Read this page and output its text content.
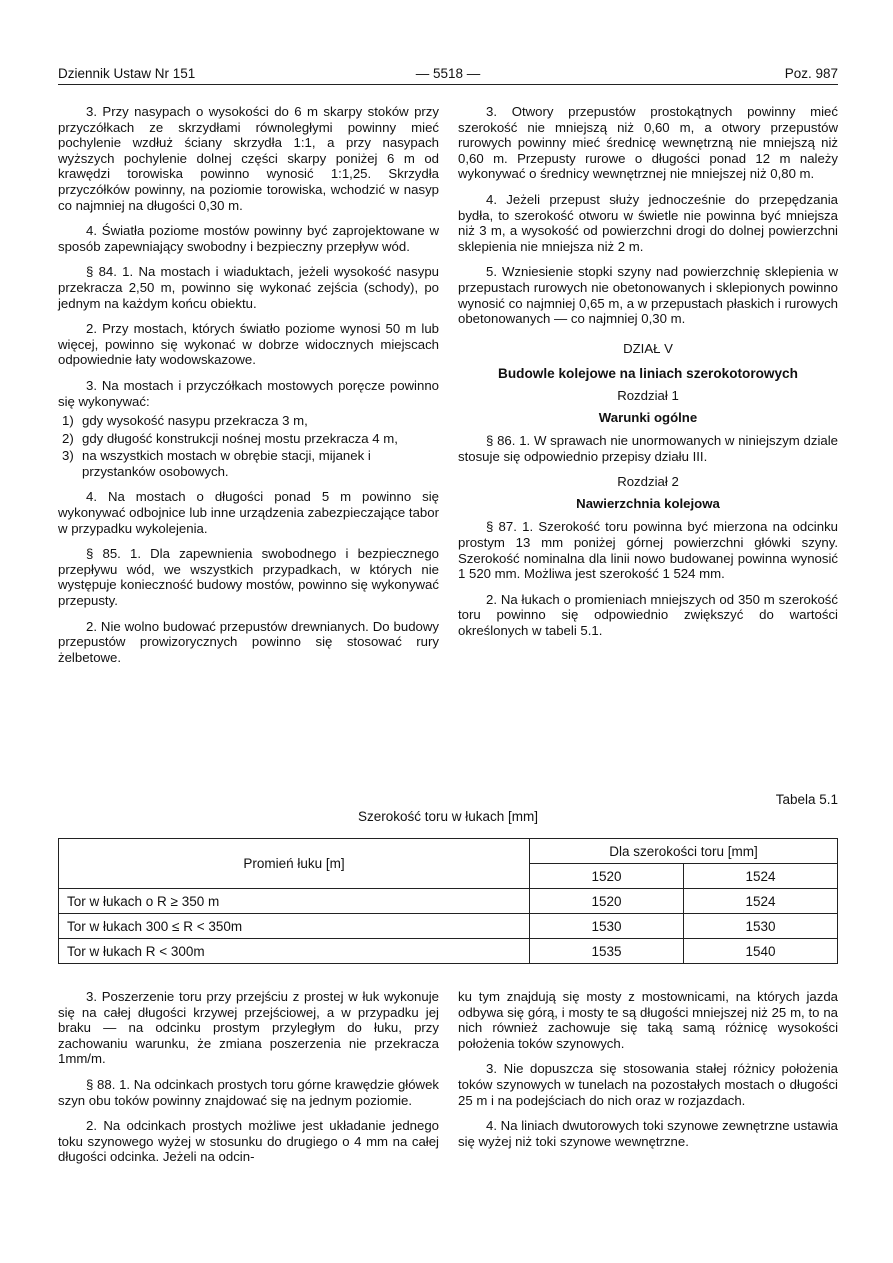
Dziennik Ustaw Nr 151	— 5518 —	Poz. 987

3. Przy nasypach o wysokości do 6 m skarpy stoków przy przyczółkach ze skrzydłami równoległymi powinny mieć pochylenie wzdłuż ściany skrzydła 1:1, a przy nasypach wyższych pochylenie dolnej części skarpy poniżej 6 m od krawędzi torowiska powinno wynosić 1:1,25. Skrzydła przyczółków powinny, na poziomie torowiska, wchodzić w nasyp co najmniej na długości 0,30 m.

4. Światła poziome mostów powinny być zaprojektowane w sposób zapewniający swobodny i bezpieczny przepływ wód.

§ 84. 1. Na mostach i wiaduktach, jeżeli wysokość nasypu przekracza 2,50 m, powinno się wykonać zejścia (schody), po jednym na każdym końcu obiektu.

2. Przy mostach, których światło poziome wynosi 50 m lub więcej, powinno się wykonać w dobrze widocznych miejscach odpowiednie łaty wodowskazowe.

3. Na mostach i przyczółkach mostowych poręcze powinno się wykonywać:

1) gdy wysokość nasypu przekracza 3 m,
2) gdy długość konstrukcji nośnej mostu przekracza 4 m,
3) na wszystkich mostach w obrębie stacji, mijanek i przystanków osobowych.

4. Na mostach o długości ponad 5 m powinno się wykonywać odbojnice lub inne urządzenia zabezpieczające tabor w przypadku wykolejenia.

§ 85. 1. Dla zapewnienia swobodnego i bezpiecznego przepływu wód, we wszystkich przypadkach, w których nie występuje konieczność budowy mostów, powinno się wykonywać przepusty.

2. Nie wolno budować przepustów drewnianych. Do budowy przepustów prowizorycznych powinno się stosować rury żelbetowe.

3. Otwory przepustów prostokątnych powinny mieć szerokość nie mniejszą niż 0,60 m, a otwory przepustów rurowych powinny mieć średnicę wewnętrzną nie mniejszą niż 0,60 m. Przepusty rurowe o długości ponad 12 m należy wykonywać o średnicy wewnętrznej nie mniejszej niż 0,80 m.

4. Jeżeli przepust służy jednocześnie do przepędzania bydła, to szerokość otworu w świetle nie powinna być mniejsza niż 3 m, a wysokość od powierzchni drogi do dolnej powierzchni sklepienia nie mniejsza niż 2 m.

5. Wzniesienie stopki szyny nad powierzchnię sklepienia w przepustach rurowych nie obetonowanych i sklepionych powinno wynosić co najmniej 0,65 m, a w przepustach płaskich i rurowych obetonowanych — co najmniej 0,30 m.

DZIAŁ V

Budowle kolejowe na liniach szerokotorowych

Rozdział 1

Warunki ogólne

§ 86. 1. W sprawach nie unormowanych w niniejszym dziale stosuje się odpowiednio przepisy działu III.

Rozdział 2

Nawierzchnia kolejowa

§ 87. 1. Szerokość toru powinna być mierzona na odcinku prostym 13 mm poniżej górnej powierzchni główki szyny. Szerokość nominalna dla linii nowo budowanej powinna wynosić 1 520 mm. Możliwa jest szerokość 1 524 mm.

2. Na łukach o promieniach mniejszych od 350 m szerokość toru powinno się odpowiednio zwiększyć do wartości określonych w tabeli 5.1.

Tabela 5.1
Szerokość toru w łukach [mm]
Promień łuku [m]	Dla szerokości toru [mm]	
	1520	1524
Tor w łukach o R ≥ 350 m	1520	1524
Tor w łukach 300 ≤ R < 350m	1530	1530
Tor w łukach R < 300m	1535	1540

3. Poszerzenie toru przy przejściu z prostej w łuk wykonuje się na całej długości krzywej przejściowej, a w przypadku jej braku — na odcinku prostym przyległym do łuku, przy zachowaniu warunku, że zmiana poszerzenia nie przekracza 1mm/m.

§ 88. 1. Na odcinkach prostych toru górne krawędzie główek szyn obu toków powinny znajdować się na jednym poziomie.

2. Na odcinkach prostych możliwe jest układanie jednego toku szynowego wyżej w stosunku do drugiego o 4 mm na całej długości odcinka. Jeżeli na odcin-

ku tym znajdują się mosty z mostownicami, na których jazda odbywa się górą, i mosty te są długości mniejszej niż 25 m, to na nich również zachowuje się taką samą różnicę wysokości położenia toków szynowych.

3. Nie dopuszcza się stosowania stałej różnicy położenia toków szynowych w tunelach na pozostałych mostach o długości 25 m i na podejściach do nich oraz w rozjazdach.

4. Na liniach dwutorowych toki szynowe zewnętrzne ustawia się wyżej niż toki szynowe wewnętrzne.
